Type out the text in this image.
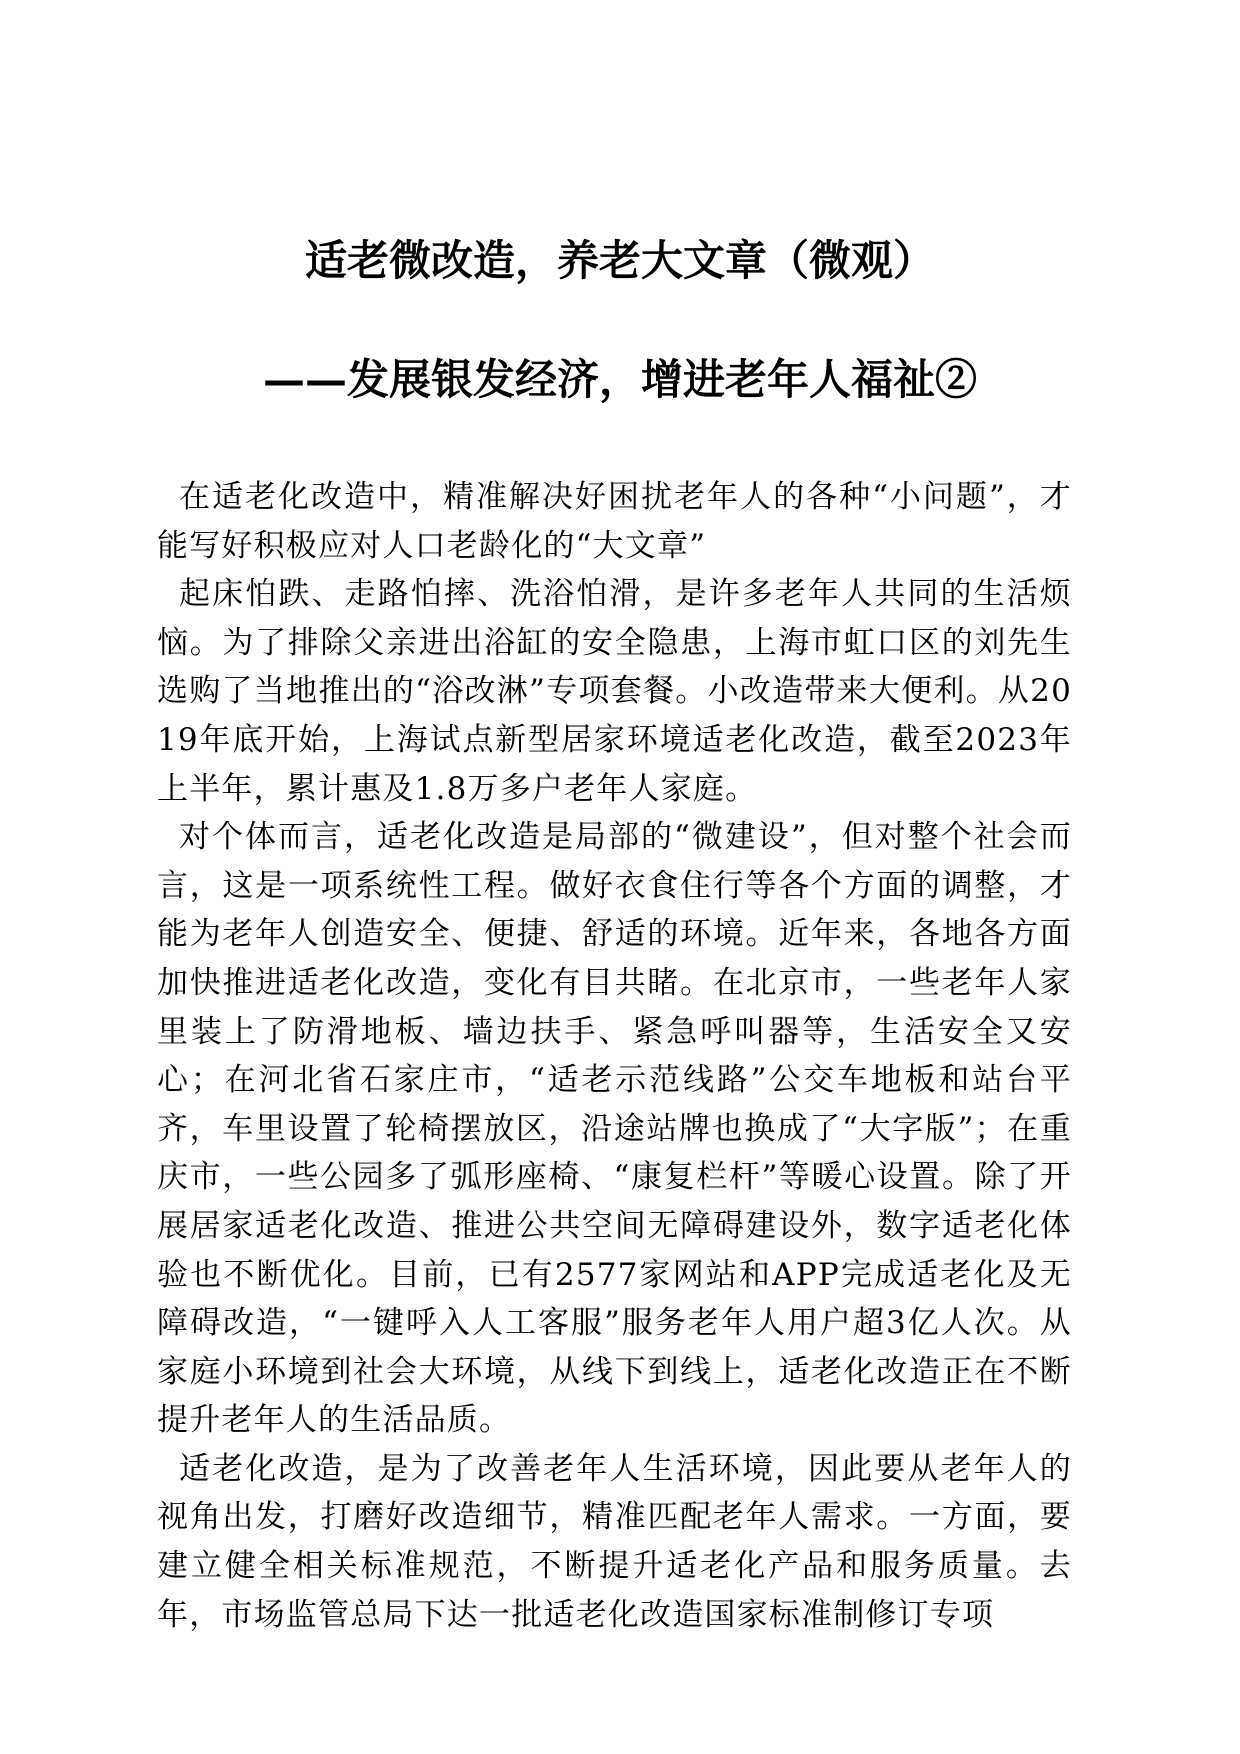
适老微改造，养老大文章（微观）
——发展银发经济，增进老年人福祉②

在适老化改造中，精准解决好困扰老年人的各种“小问题”，才能写好积极应对人口老龄化的“大文章”

起床怕跌、走路怕摔、洗浴怕滑，是许多老年人共同的生活烦恼。为了排除父亲进出浴缸的安全隐患，上海市虹口区的刘先生选购了当地推出的“浴改淋”专项套餐。小改造带来大便利。从2019年底开始，上海试点新型居家环境适老化改造，截至2023年上半年，累计惠及1.8万多户老年人家庭。

对个体而言，适老化改造是局部的“微建设”，但对整个社会而言，这是一项系统性工程。做好衣食住行等各个方面的调整，才能为老年人创造安全、便捷、舒适的环境。近年来，各地各方面加快推进适老化改造，变化有目共睹。在北京市，一些老年人家里装上了防滑地板、墙边扶手、紧急呼叫器等，生活安全又安心；在河北省石家庄市，“适老示范线路”公交车地板和站台平齐，车里设置了轮椅摆放区，沿途站牌也换成了“大字版”；在重庆市，一些公园多了弧形座椅、“康复栏杆”等暖心设置。除了开展居家适老化改造、推进公共空间无障碍建设外，数字适老化体验也不断优化。目前，已有2577家网站和APP完成适老化及无障碍改造，“一键呼入人工客服”服务老年人用户超3亿人次。从家庭小环境到社会大环境，从线下到线上，适老化改造正在不断提升老年人的生活品质。

适老化改造，是为了改善老年人生活环境，因此要从老年人的视角出发，打磨好改造细节，精准匹配老年人需求。一方面，要建立健全相关标准规范，不断提升适老化产品和服务质量。去年，市场监管总局下达一批适老化改造国家标准制修订专项
